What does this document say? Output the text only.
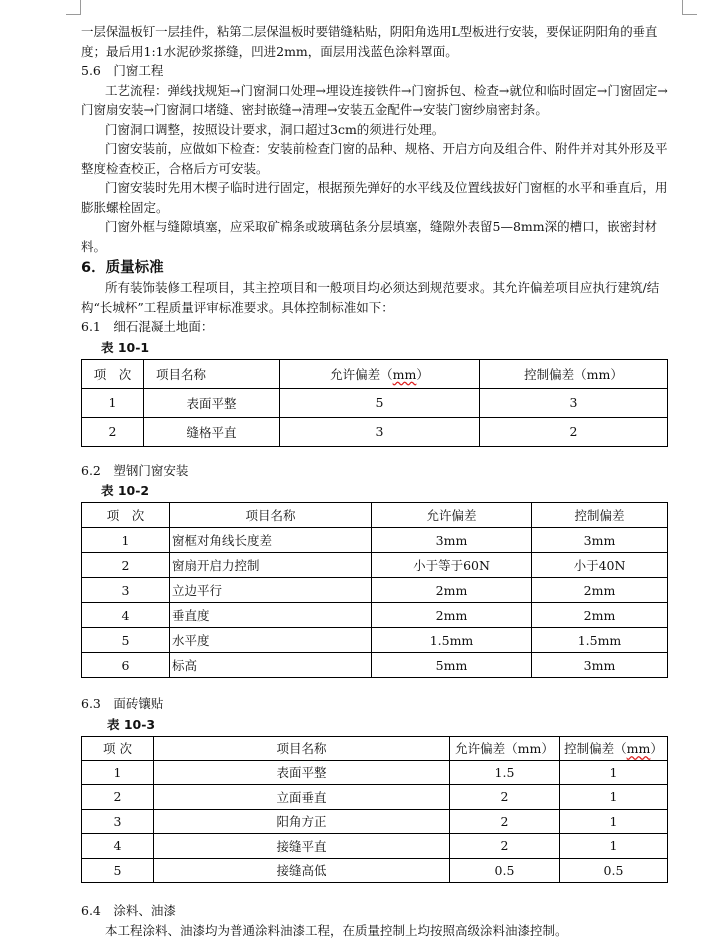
一层保温板钉一层挂件，粘第二层保温板时要错缝粘贴，阴阳角选用L型板进行安装，要保证阴阳角的垂直

度；最后用1:1水泥砂浆搽缝，凹进2mm，面层用浅蓝色涂料罩面。

5.6　门窗工程

工艺流程：弹线找规矩→门窗洞口处理→埋设连接铁件→门窗拆包、检查→就位和临时固定→门窗固定→门窗扇安装→门窗洞口堵缝、密封嵌缝→清理→安装五金配件→安装门窗纱扇密封条。

门窗洞口调整，按照设计要求，洞口超过3cm的须进行处理。

门窗安装前，应做如下检查：安装前检查门窗的品种、规格、开启方向及组合件、附件并对其外形及平整度检查校正，合格后方可安装。

门窗安装时先用木楔子临时进行固定，根据预先弹好的水平线及位置线拔好门窗框的水平和垂直后，用膨胀螺栓固定。

门窗外框与缝隙填塞，应采取矿棉条或玻璃毡条分层填塞，缝隙外表留5—8mm深的槽口，嵌密封材料。

6．质量标准

所有装饰装修工程项目，其主控项目和一般项目均必须达到规范要求。其允许偏差项目应执行建筑/结构“长城杯”工程质量评审标准要求。具体控制标准如下：

6.1　细石混凝土地面：

表 10-1

项　次	项目名称	允许偏差（mm）	控制偏差（mm）
1	表面平整	5	3
2	缝格平直	3	2

6.2　塑钢门窗安装

表 10-2

项　次	项目名称	允许偏差	控制偏差
1	窗框对角线长度差	3mm	3mm
2	窗扇开启力控制	小于等于60N	小于40N
3	立边平行	2mm	2mm
4	垂直度	2mm	2mm
5	水平度	1.5mm	1.5mm
6	标高	5mm	3mm

6.3　面砖镶贴

表 10-3

项 次	项目名称	允许偏差（mm）	控制偏差（mm）
1	表面平整	1.5	1
2	立面垂直	2	1
3	阳角方正	2	1
4	接缝平直	2	1
5	接缝高低	0.5	0.5

6.4　涂料、油漆

本工程涂料、油漆均为普通涂料油漆工程，在质量控制上均按照高级涂料油漆控制。
